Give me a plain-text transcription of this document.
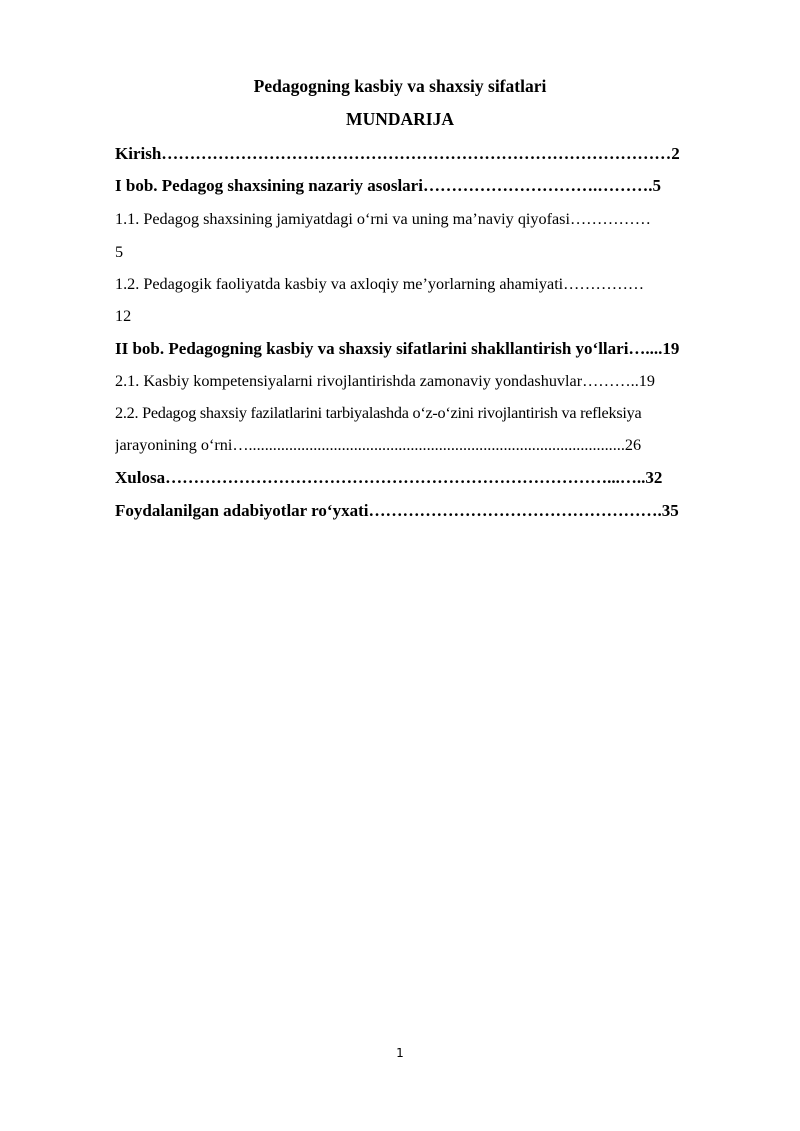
Pedagogning kasbiy va shaxsiy sifatlari
MUNDARIJA
Kirish………………………………………………………………………………2
I bob. Pedagog shaxsining nazariy asoslari………………………….……….5
1.1. Pedagog shaxsining jamiyatdagi o‘rni va uning ma’naviy qiyofasi……………
5
1.2. Pedagogik faoliyatda kasbiy va axloqiy me’yorlarning ahamiyati……………
12
II bob. Pedagogning kasbiy va shaxsiy sifatlarini shakllantirish yo‘llari…....19
2.1. Kasbiy kompetensiyalarni rivojlantirishda zamonaviy yondashuvlar………..19
2.2. Pedagog shaxsiy fazilatlarini tarbiyalashda o‘z-o‘zini rivojlantirish va refleksiya
jarayonining o‘rni….............................................................................................26
Xulosa……………………………………………………………………...…..32
Foydalanilgan adabiyotlar ro‘yxati…………………………………………….35
1
